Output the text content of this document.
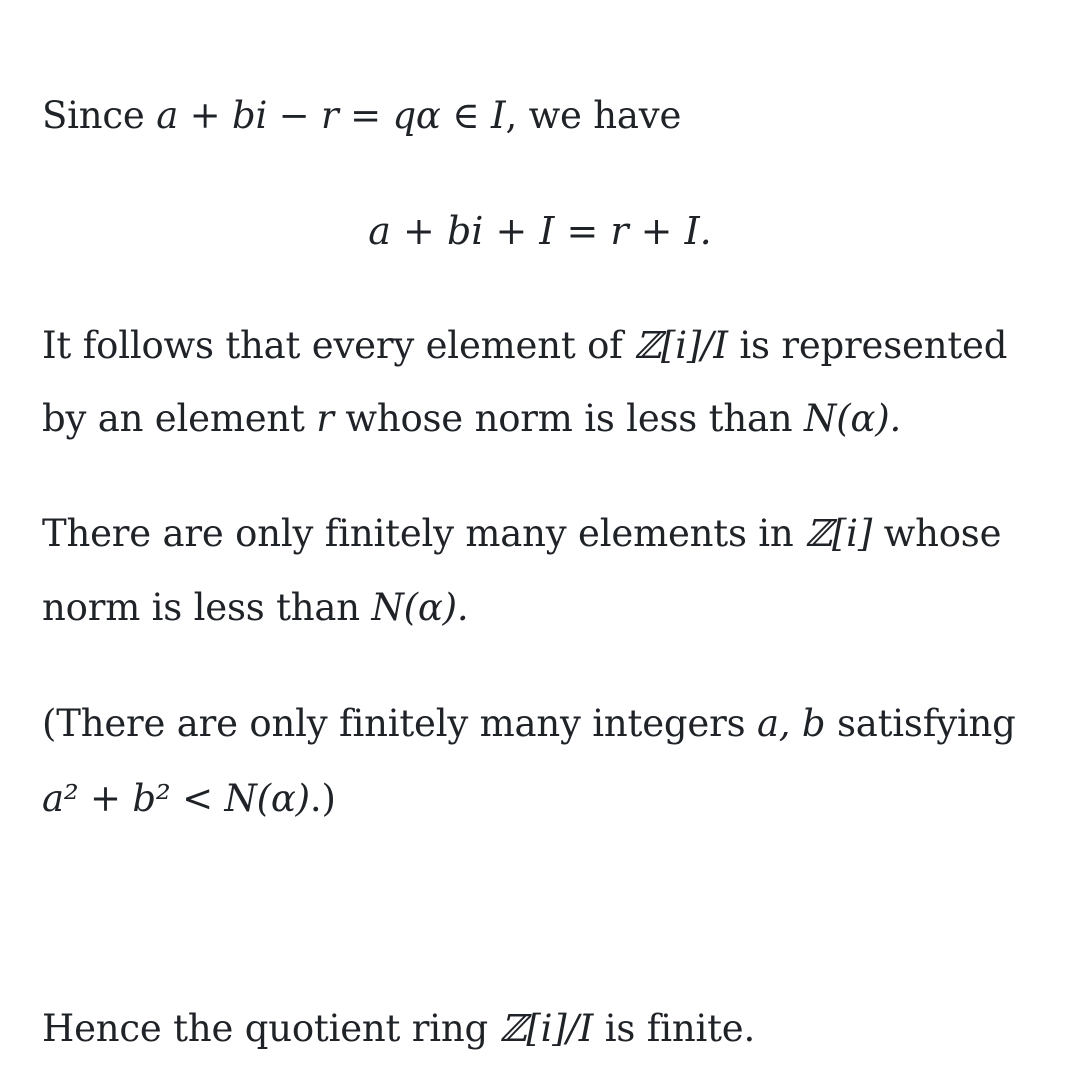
Since a + bi − r = qα ∈ I, we have
a + bi + I = r + I.
It follows that every element of ℤ[i]/I is represented
by an element r whose norm is less than N(α).
There are only finitely many elements in ℤ[i] whose
norm is less than N(α).
(There are only finitely many integers a, b satisfying
a² + b² < N(α).)
Hence the quotient ring ℤ[i]/I is finite.
